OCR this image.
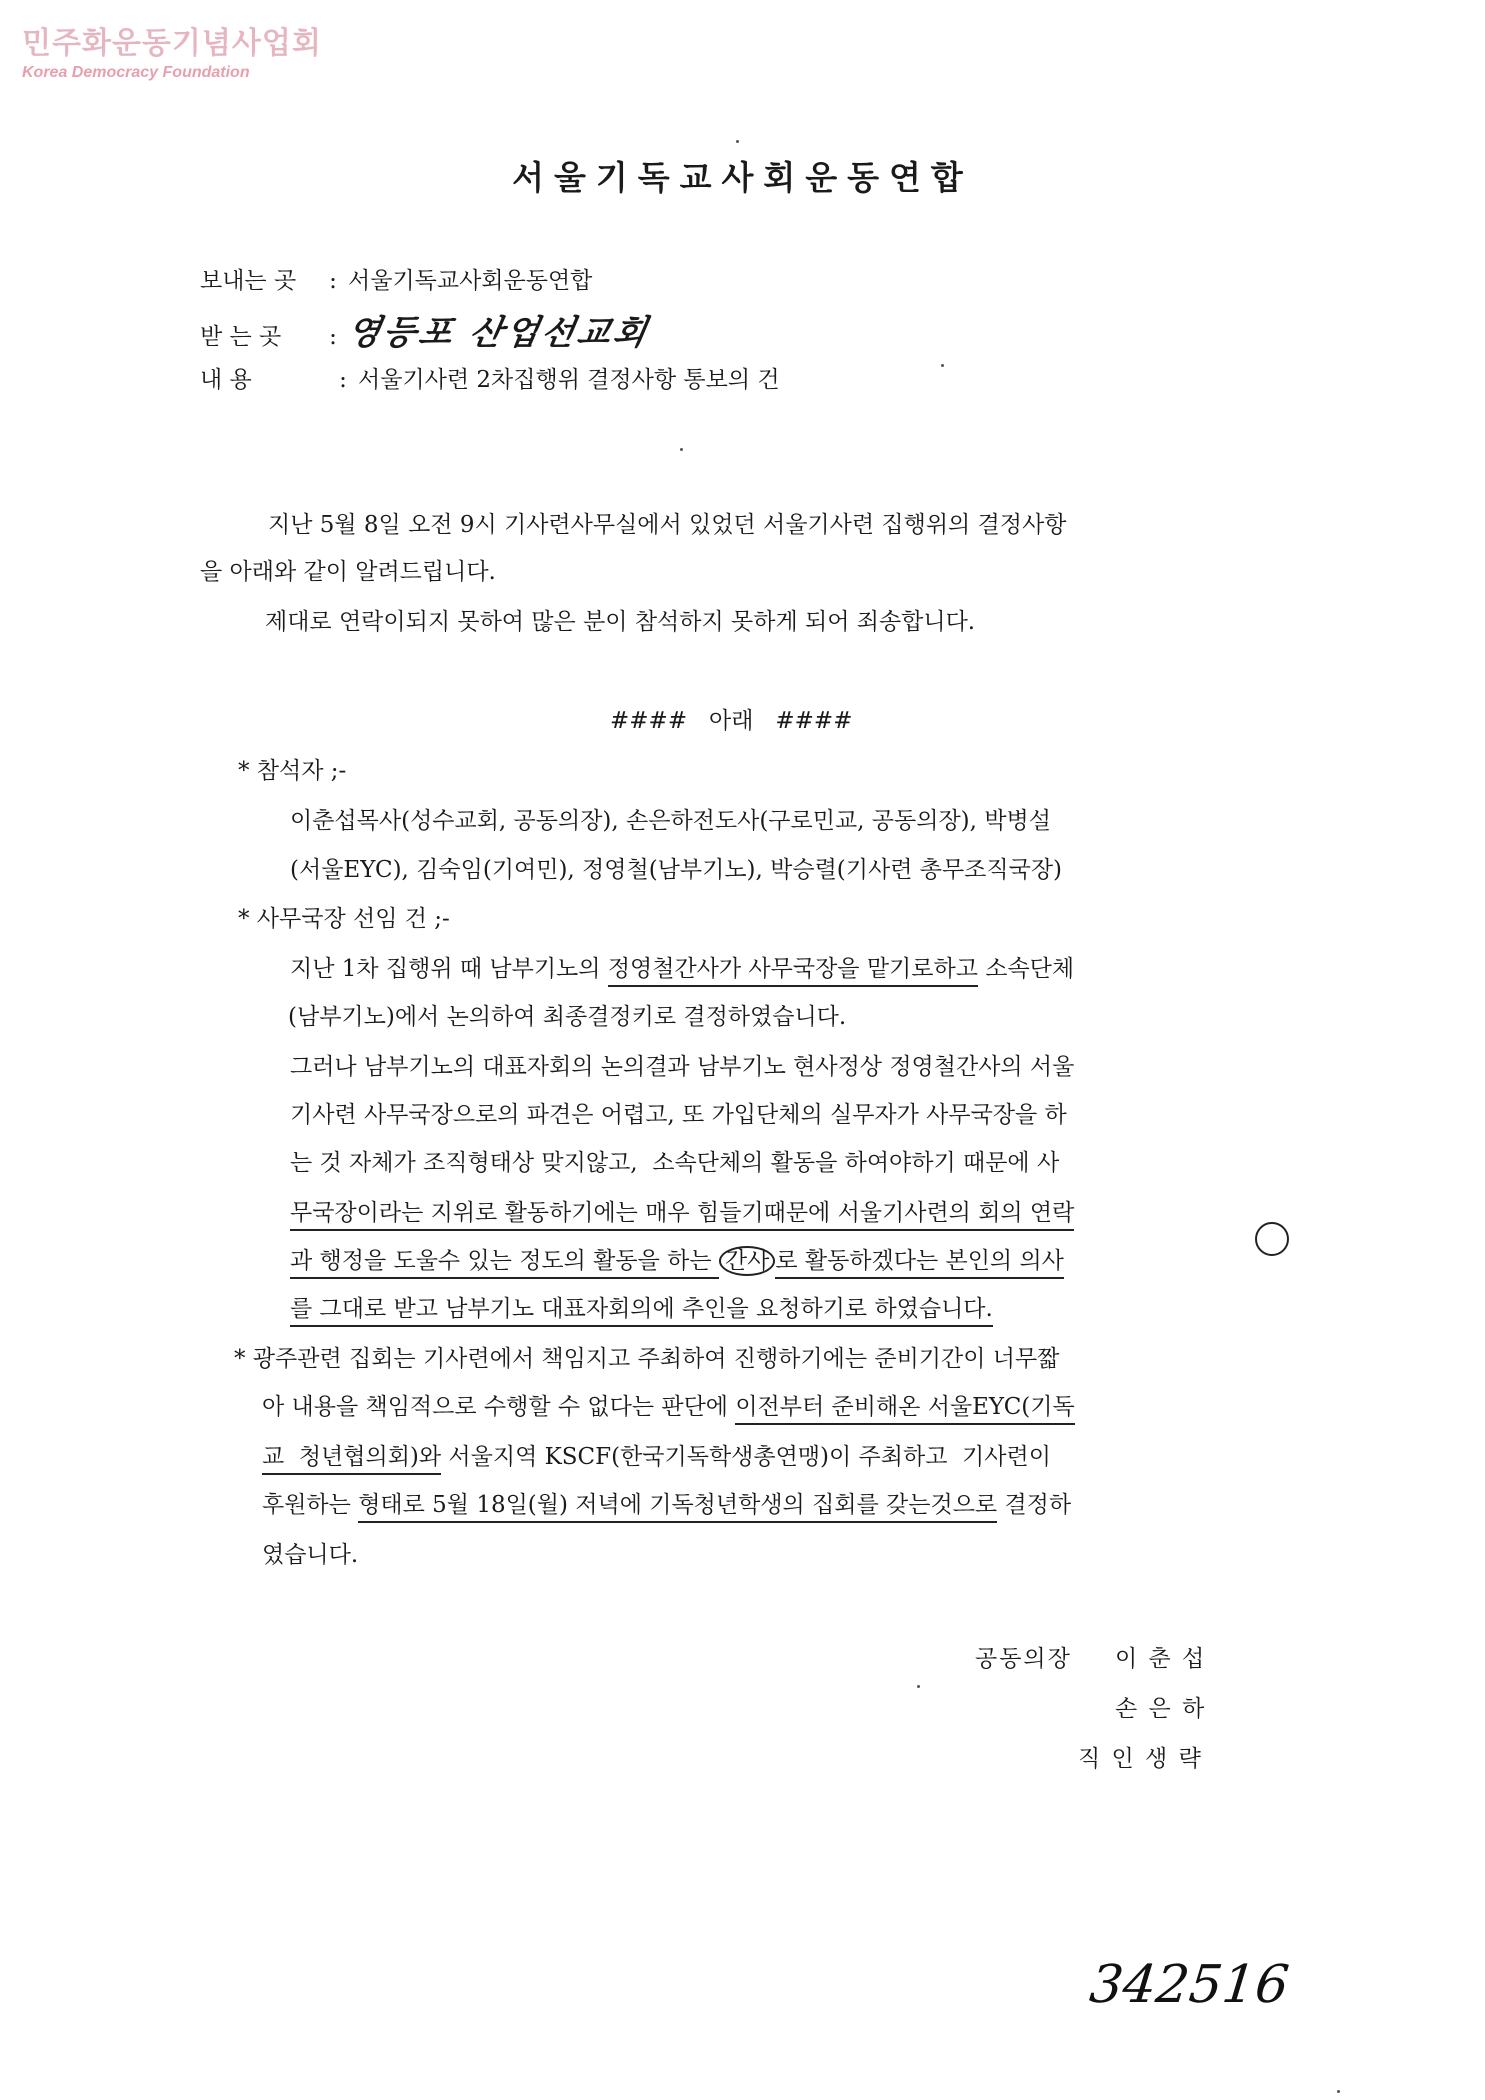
민주화운동기념사업회
Korea Democracy Foundation
서울기독교사회운동연합
보내는 곳	: 서울기독교사회운동연합
받 는 곳	: 영등포 산업선교회
내 용	: 서울기사련 2차집행위 결정사항 통보의 건
지난 5월 8일 오전 9시 기사련사무실에서 있었던 서울기사련 집행위의 결정사항
을 아래와 같이 알려드립니다.
제대로 연락이되지 못하여 많은 분이 참석하지 못하게 되어 죄송합니다.
####   아래   ####
* 참석자 ;-
이춘섭목사(성수교회, 공동의장), 손은하전도사(구로민교, 공동의장), 박병설
(서울EYC), 김숙임(기여민), 정영철(남부기노), 박승렬(기사련 총무조직국장)
* 사무국장 선임 건 ;-
지난 1차 집행위 때 남부기노의 정영철간사가 사무국장을 맡기로하고 소속단체
(남부기노)에서 논의하여 최종결정키로 결정하였습니다.
그러나 남부기노의 대표자회의 논의결과 남부기노 현사정상 정영철간사의 서울
기사련 사무국장으로의 파견은 어렵고, 또 가입단체의 실무자가 사무국장을 하
는 것 자체가 조직형태상 맞지않고,  소속단체의 활동을 하여야하기 때문에 사
무국장이라는 지위로 활동하기에는 매우 힘들기때문에 서울기사련의 회의 연락
과 행정을 도울수 있는 정도의 활동을 하는 간사 로 활동하겠다는 본인의 의사
를 그대로 받고 남부기노 대표자회의에 추인을 요청하기로 하였습니다.
* 광주관련 집회는 기사련에서 책임지고 주최하여 진행하기에는 준비기간이 너무짧
아 내용을 책임적으로 수행할 수 없다는 판단에 이전부터 준비해온 서울EYC(기독
교  청년협의회)와 서울지역 KSCF(한국기독학생총연맹)이 주최하고  기사련이
후원하는 형태로 5월 18일(월) 저녁에 기독청년학생의 집회를 갖는것으로 결정하
였습니다.
공동의장 이 춘 섭
손 은 하
직 인 생 략
342516
